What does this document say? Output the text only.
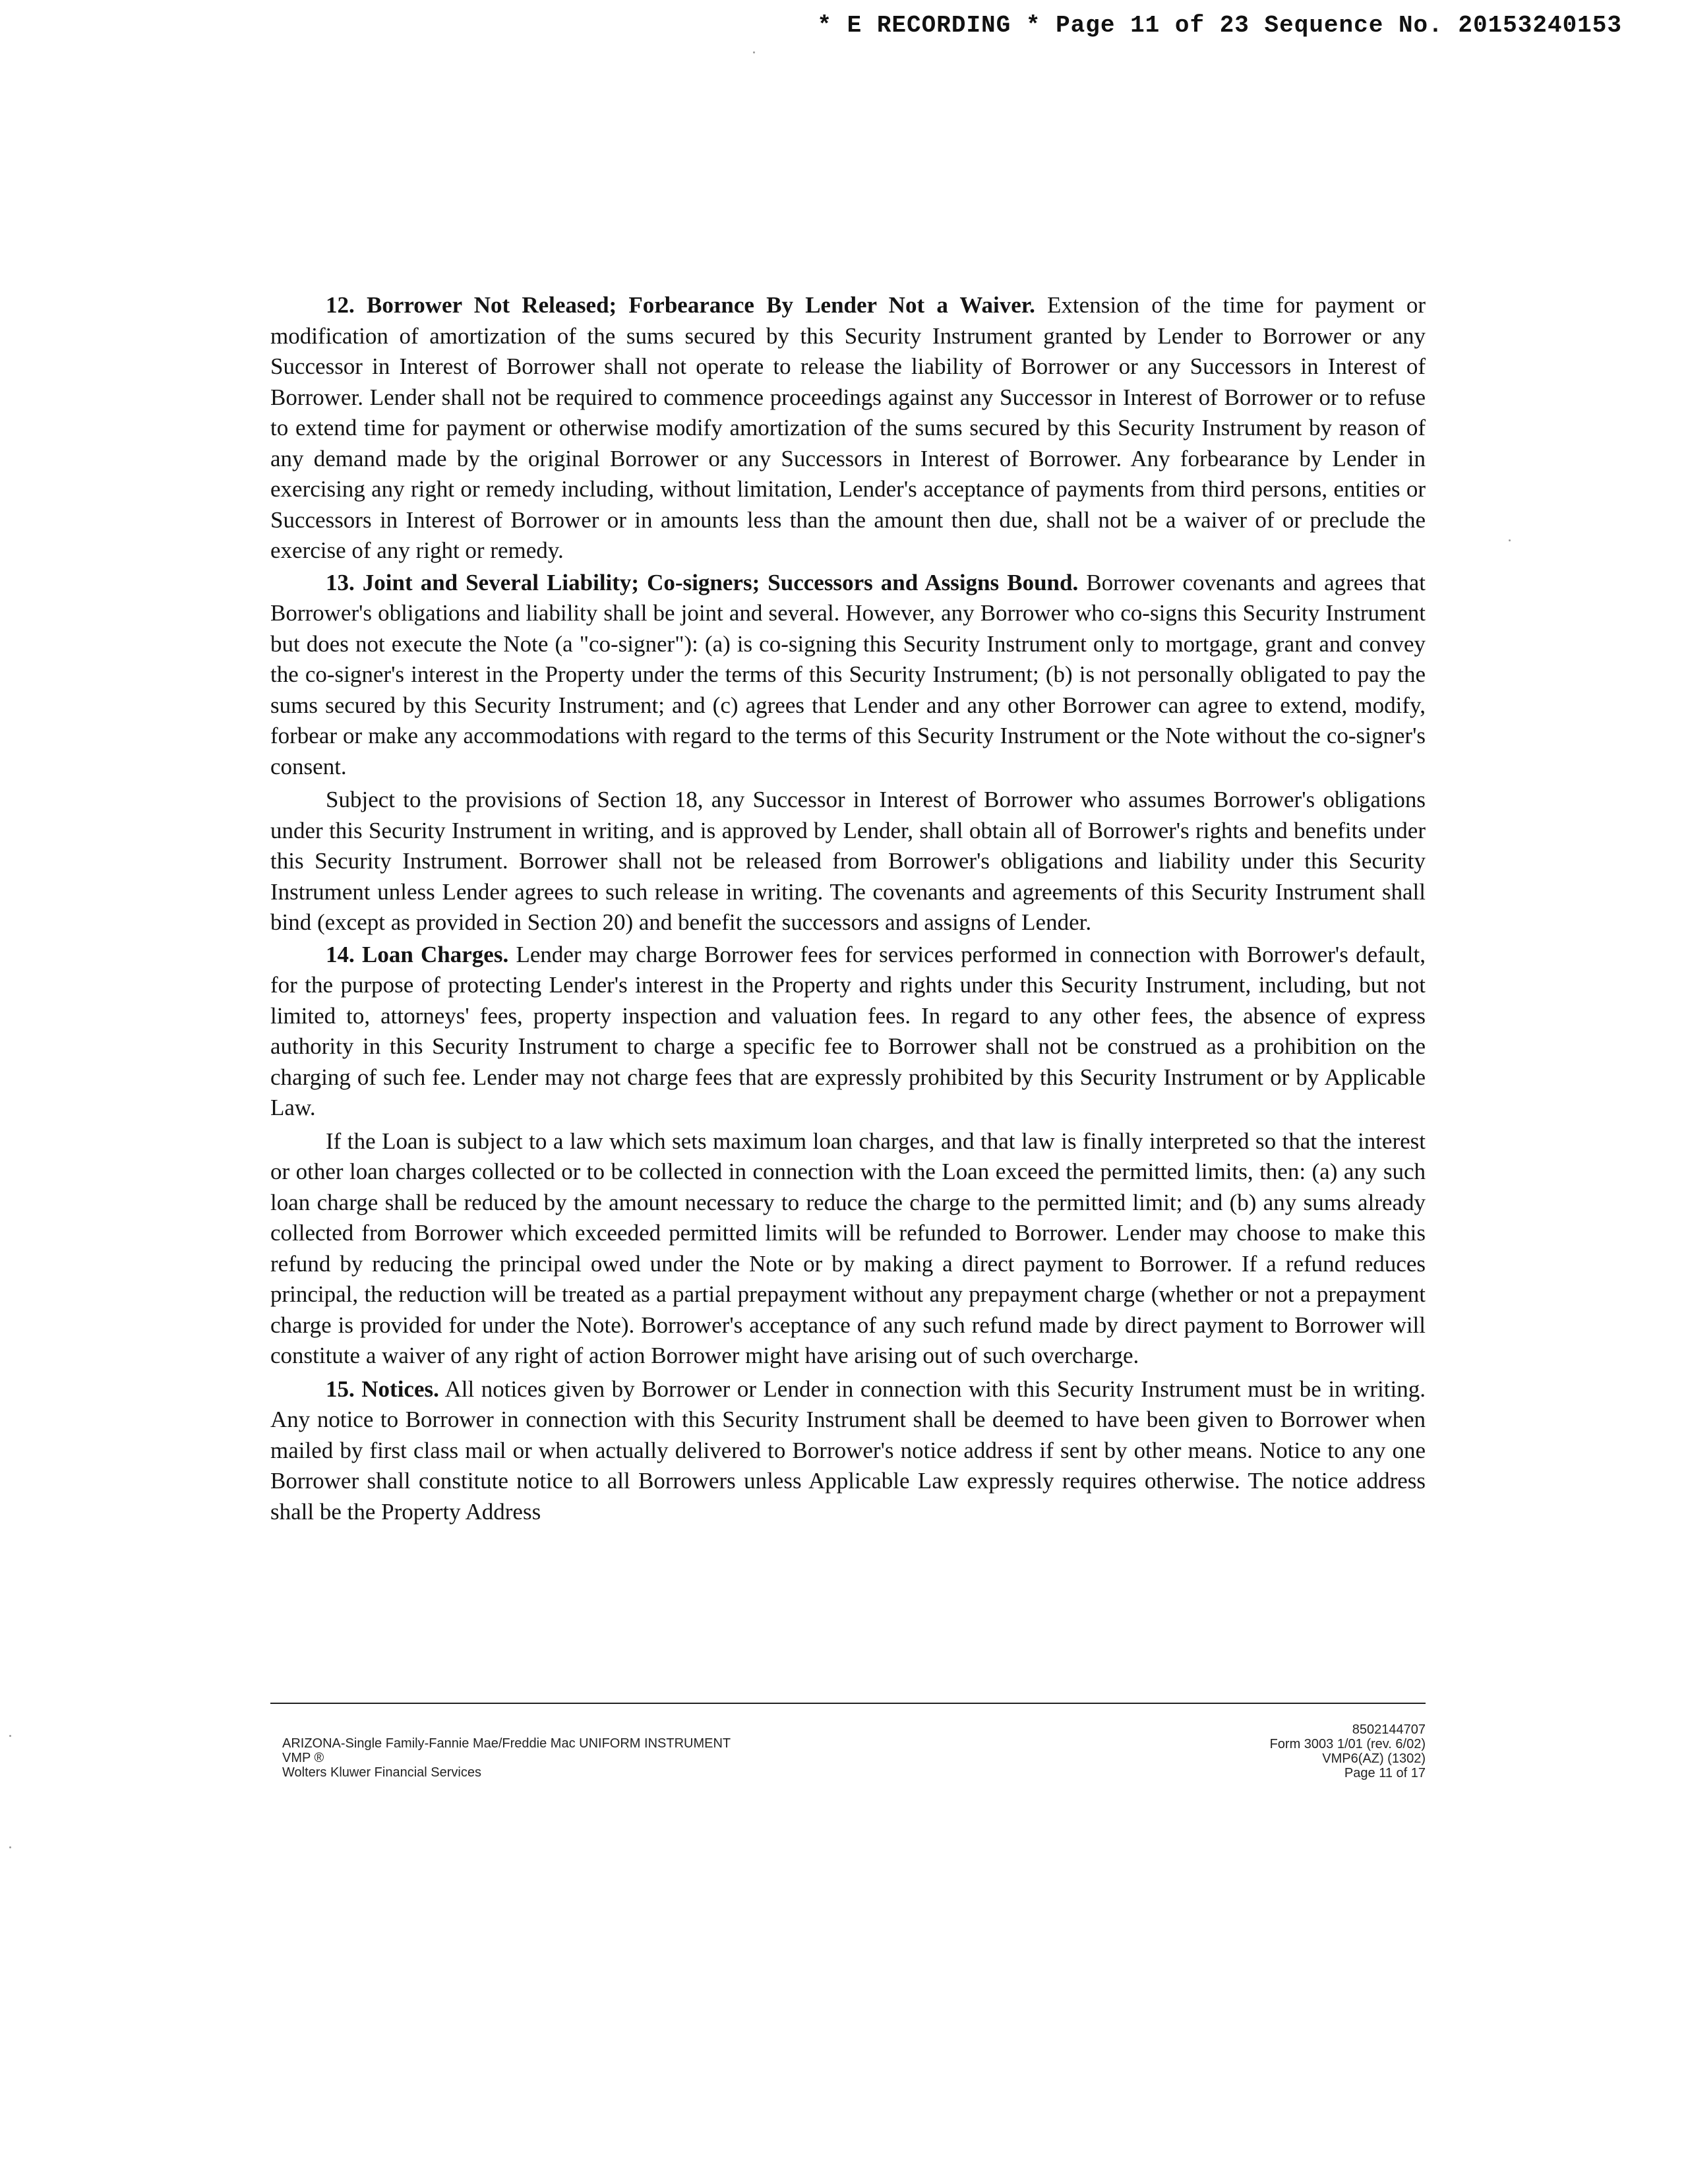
* E RECORDING * Page 11 of 23 Sequence No. 20153240153

12. Borrower Not Released; Forbearance By Lender Not a Waiver. Extension of the time for payment or modification of amortization of the sums secured by this Security Instrument granted by Lender to Borrower or any Successor in Interest of Borrower shall not operate to release the liability of Borrower or any Successors in Interest of Borrower. Lender shall not be required to commence proceedings against any Successor in Interest of Borrower or to refuse to extend time for payment or otherwise modify amortization of the sums secured by this Security Instrument by reason of any demand made by the original Borrower or any Successors in Interest of Borrower. Any forbearance by Lender in exercising any right or remedy including, without limitation, Lender's acceptance of payments from third persons, entities or Successors in Interest of Borrower or in amounts less than the amount then due, shall not be a waiver of or preclude the exercise of any right or remedy.

13. Joint and Several Liability; Co-signers; Successors and Assigns Bound. Borrower covenants and agrees that Borrower's obligations and liability shall be joint and several. However, any Borrower who co-signs this Security Instrument but does not execute the Note (a "co-signer"): (a) is co-signing this Security Instrument only to mortgage, grant and convey the co-signer's interest in the Property under the terms of this Security Instrument; (b) is not personally obligated to pay the sums secured by this Security Instrument; and (c) agrees that Lender and any other Borrower can agree to extend, modify, forbear or make any accommodations with regard to the terms of this Security Instrument or the Note without the co-signer's consent.

Subject to the provisions of Section 18, any Successor in Interest of Borrower who assumes Borrower's obligations under this Security Instrument in writing, and is approved by Lender, shall obtain all of Borrower's rights and benefits under this Security Instrument. Borrower shall not be released from Borrower's obligations and liability under this Security Instrument unless Lender agrees to such release in writing. The covenants and agreements of this Security Instrument shall bind (except as provided in Section 20) and benefit the successors and assigns of Lender.

14. Loan Charges. Lender may charge Borrower fees for services performed in connection with Borrower's default, for the purpose of protecting Lender's interest in the Property and rights under this Security Instrument, including, but not limited to, attorneys' fees, property inspection and valuation fees. In regard to any other fees, the absence of express authority in this Security Instrument to charge a specific fee to Borrower shall not be construed as a prohibition on the charging of such fee. Lender may not charge fees that are expressly prohibited by this Security Instrument or by Applicable Law.

If the Loan is subject to a law which sets maximum loan charges, and that law is finally interpreted so that the interest or other loan charges collected or to be collected in connection with the Loan exceed the permitted limits, then: (a) any such loan charge shall be reduced by the amount necessary to reduce the charge to the permitted limit; and (b) any sums already collected from Borrower which exceeded permitted limits will be refunded to Borrower. Lender may choose to make this refund by reducing the principal owed under the Note or by making a direct payment to Borrower. If a refund reduces principal, the reduction will be treated as a partial prepayment without any prepayment charge (whether or not a prepayment charge is provided for under the Note). Borrower's acceptance of any such refund made by direct payment to Borrower will constitute a waiver of any right of action Borrower might have arising out of such overcharge.

15. Notices. All notices given by Borrower or Lender in connection with this Security Instrument must be in writing. Any notice to Borrower in connection with this Security Instrument shall be deemed to have been given to Borrower when mailed by first class mail or when actually delivered to Borrower's notice address if sent by other means. Notice to any one Borrower shall constitute notice to all Borrowers unless Applicable Law expressly requires otherwise. The notice address shall be the Property Address

ARIZONA-Single Family-Fannie Mae/Freddie Mac UNIFORM INSTRUMENT
VMP ®
Wolters Kluwer Financial Services
8502144707
Form 3003 1/01 (rev. 6/02)
VMP6(AZ) (1302)
Page 11 of 17
